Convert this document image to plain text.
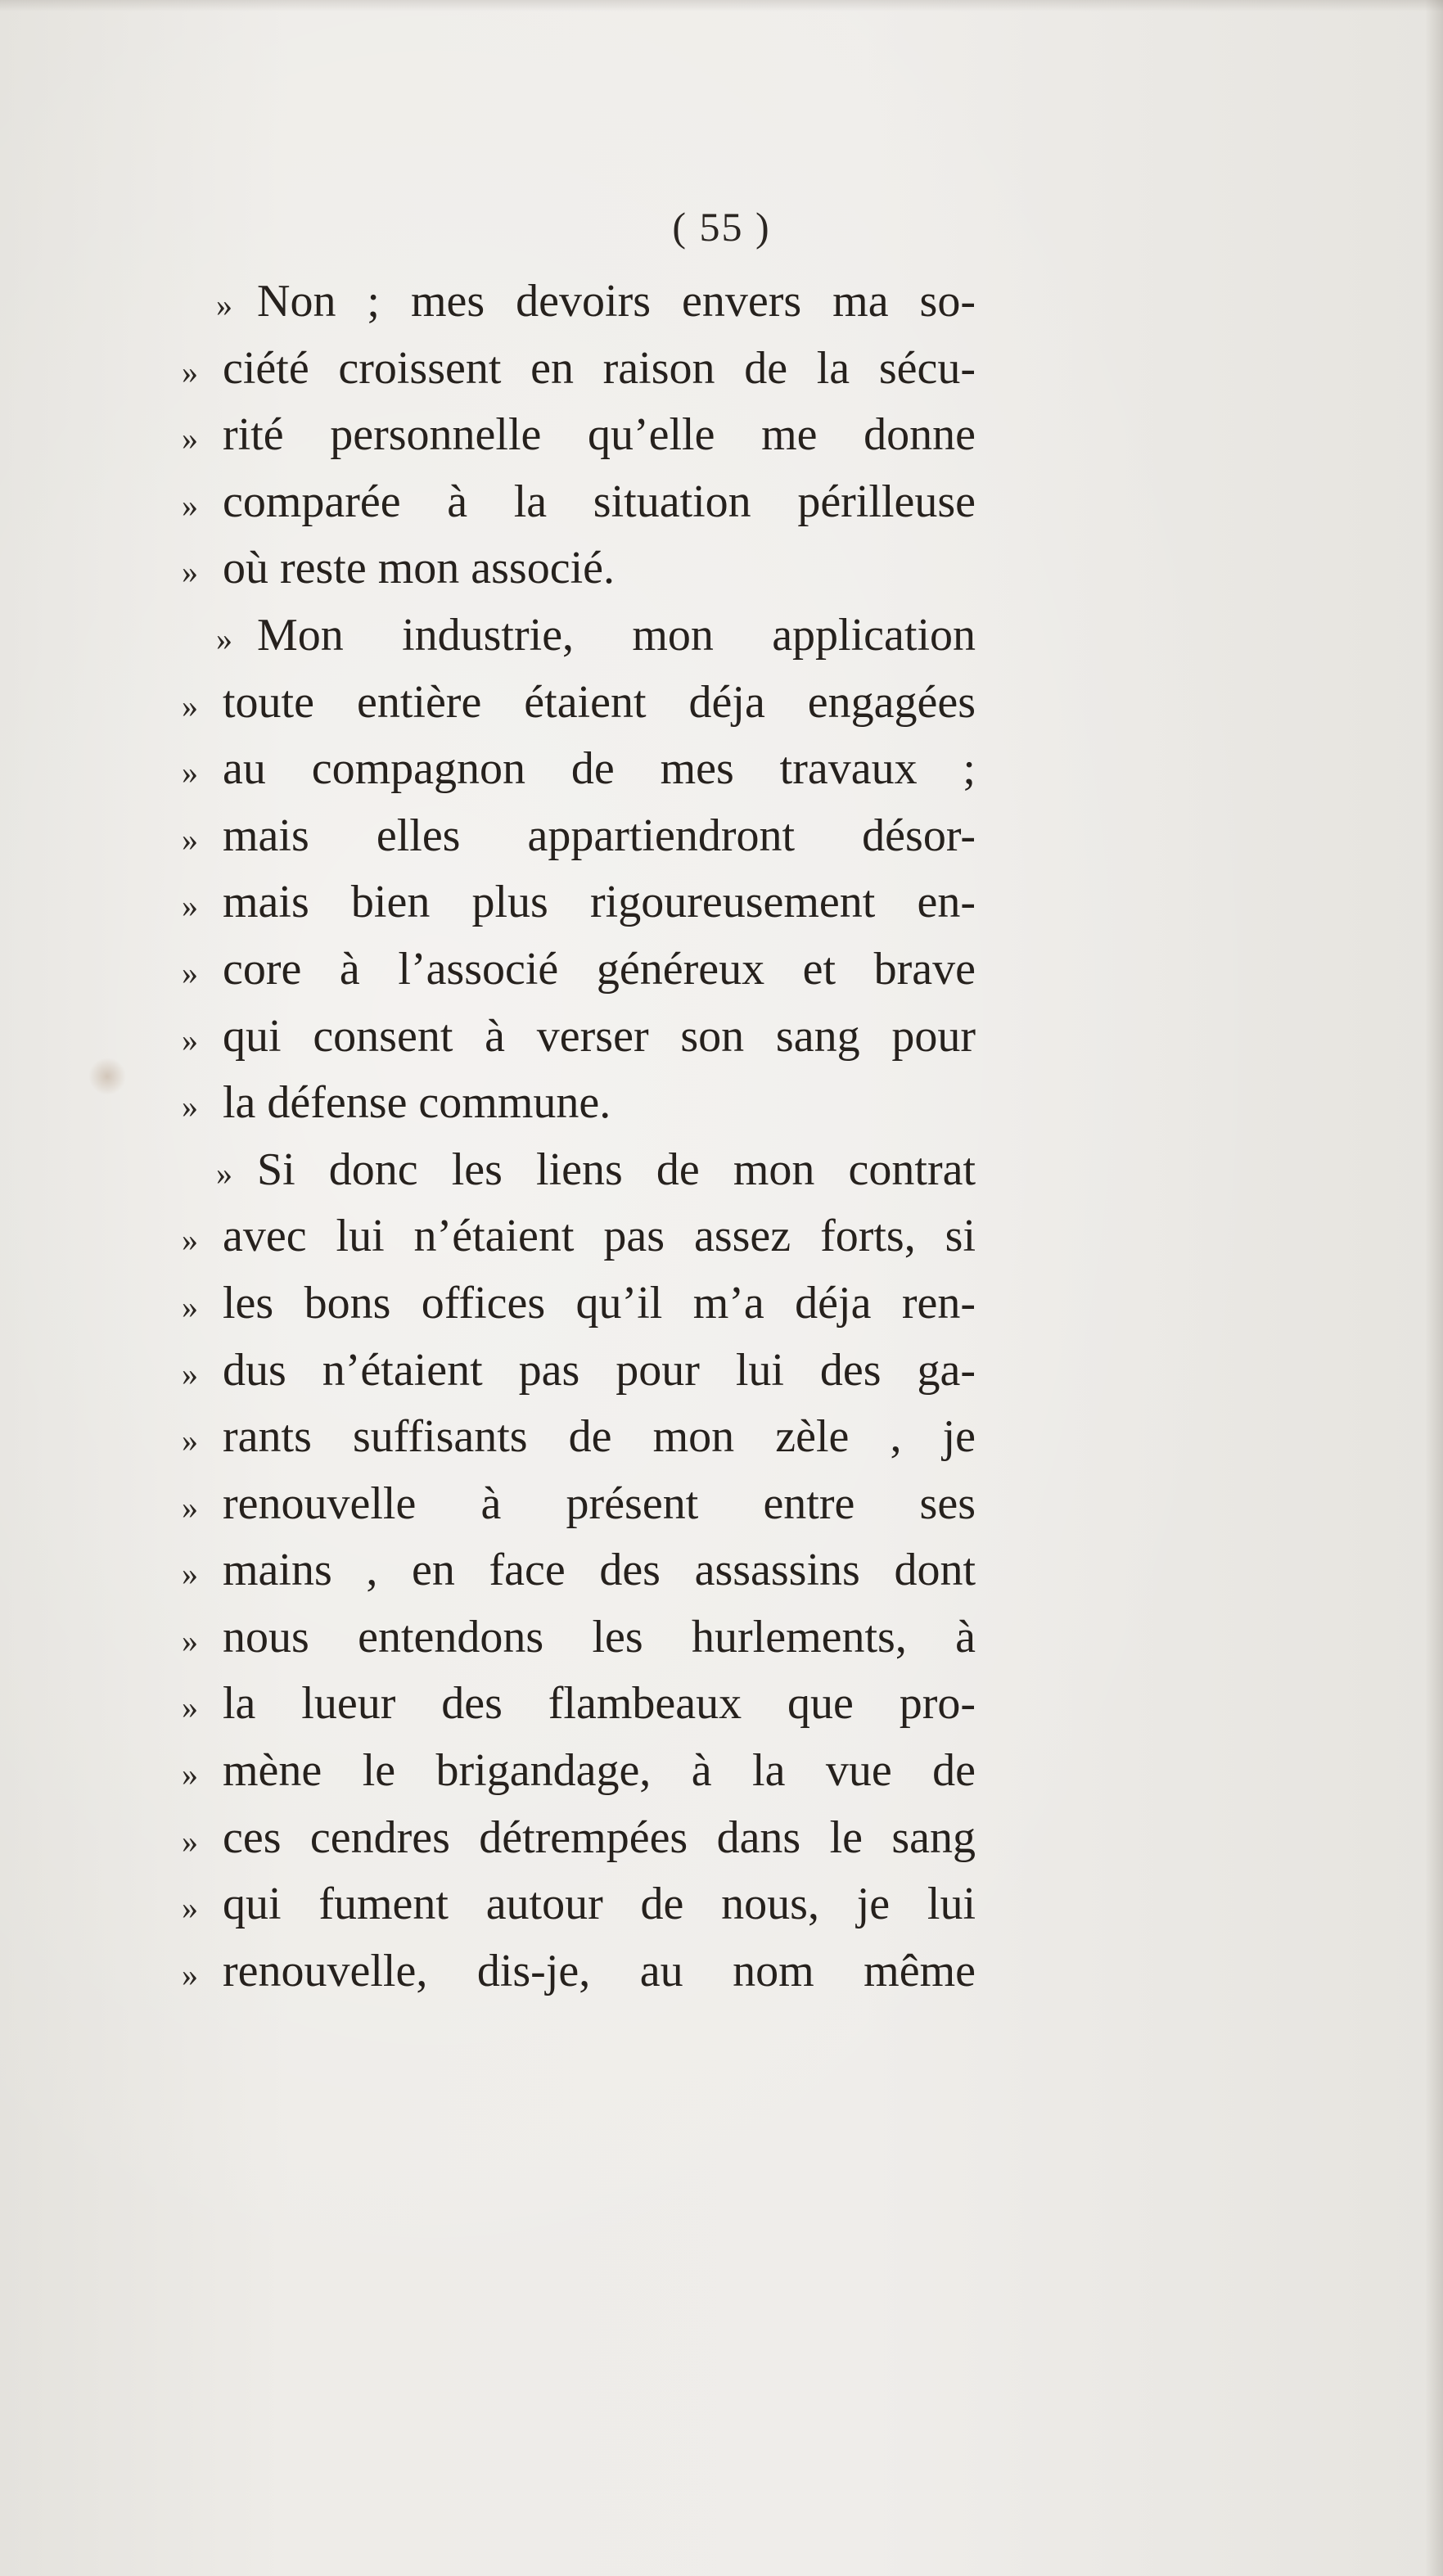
( 55 )
» Non ; mes devoirs envers ma so-
» ciété croissent en raison de la sécu-
» rité personnelle qu’elle me donne
» comparée à la situation périlleuse
» où reste mon associé.
» Mon industrie, mon application
» toute entière étaient déja engagées
» au compagnon de mes travaux ;
» mais elles appartiendront désor-
» mais bien plus rigoureusement en-
» core à l’associé généreux et brave
» qui consent à verser son sang pour
» la défense commune.
» Si donc les liens de mon contrat
» avec lui n’étaient pas assez forts, si
» les bons offices qu’il m’a déja ren-
» dus n’étaient pas pour lui des ga-
» rants suffisants de mon zèle , je
» renouvelle à présent entre ses
» mains , en face des assassins dont
» nous entendons les hurlements, à
» la lueur des flambeaux que pro-
» mène le brigandage, à la vue de
» ces cendres détrempées dans le sang
» qui fument autour de nous, je lui
» renouvelle, dis-je, au nom même
